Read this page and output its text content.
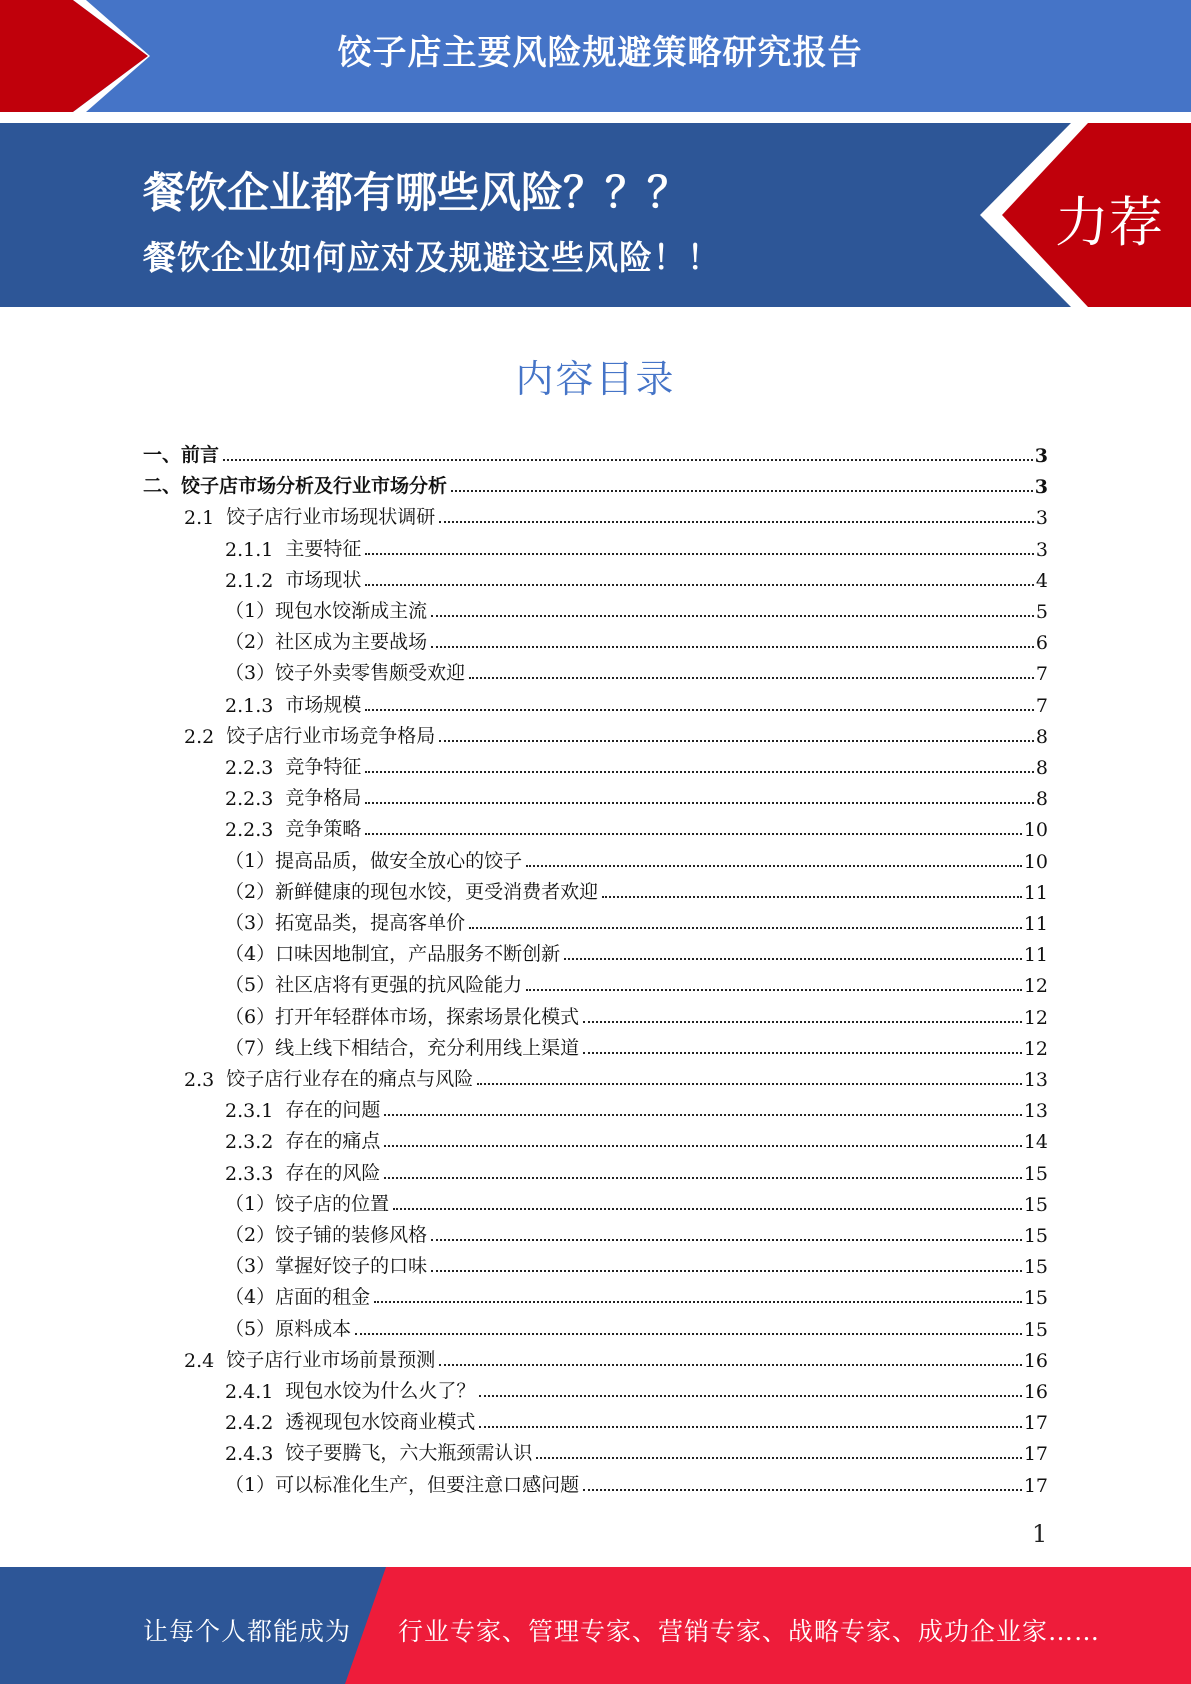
饺子店主要风险规避策略研究报告
餐饮企业都有哪些风险？？？
餐饮企业如何应对及规避这些风险！！
力荐
内容目录
一、前言	3
二、饺子店市场分析及行业市场分析	3
2.1 饺子店行业市场现状调研	3
2.1.1 主要特征	3
2.1.2 市场现状	4
（1）现包水饺渐成主流	5
（2）社区成为主要战场	6
（3）饺子外卖零售颇受欢迎	7
2.1.3 市场规模	7
2.2 饺子店行业市场竞争格局	8
2.2.3 竞争特征	8
2.2.3 竞争格局	8
2.2.3 竞争策略	10
（1）提高品质，做安全放心的饺子	10
（2）新鲜健康的现包水饺，更受消费者欢迎	11
（3）拓宽品类，提高客单价	11
（4）口味因地制宜，产品服务不断创新	11
（5）社区店将有更强的抗风险能力	12
（6）打开年轻群体市场，探索场景化模式	12
（7）线上线下相结合，充分利用线上渠道	12
2.3 饺子店行业存在的痛点与风险	13
2.3.1 存在的问题	13
2.3.2 存在的痛点	14
2.3.3 存在的风险	15
（1）饺子店的位置	15
（2）饺子铺的装修风格	15
（3）掌握好饺子的口味	15
（4）店面的租金	15
（5）原料成本	15
2.4 饺子店行业市场前景预测	16
2.4.1 现包水饺为什么火了？	16
2.4.2 透视现包水饺商业模式	17
2.4.3 饺子要腾飞，六大瓶颈需认识	17
（1）可以标准化生产，但要注意口感问题	17
1
让每个人都能成为 行业专家、管理专家、营销专家、战略专家、成功企业家……
